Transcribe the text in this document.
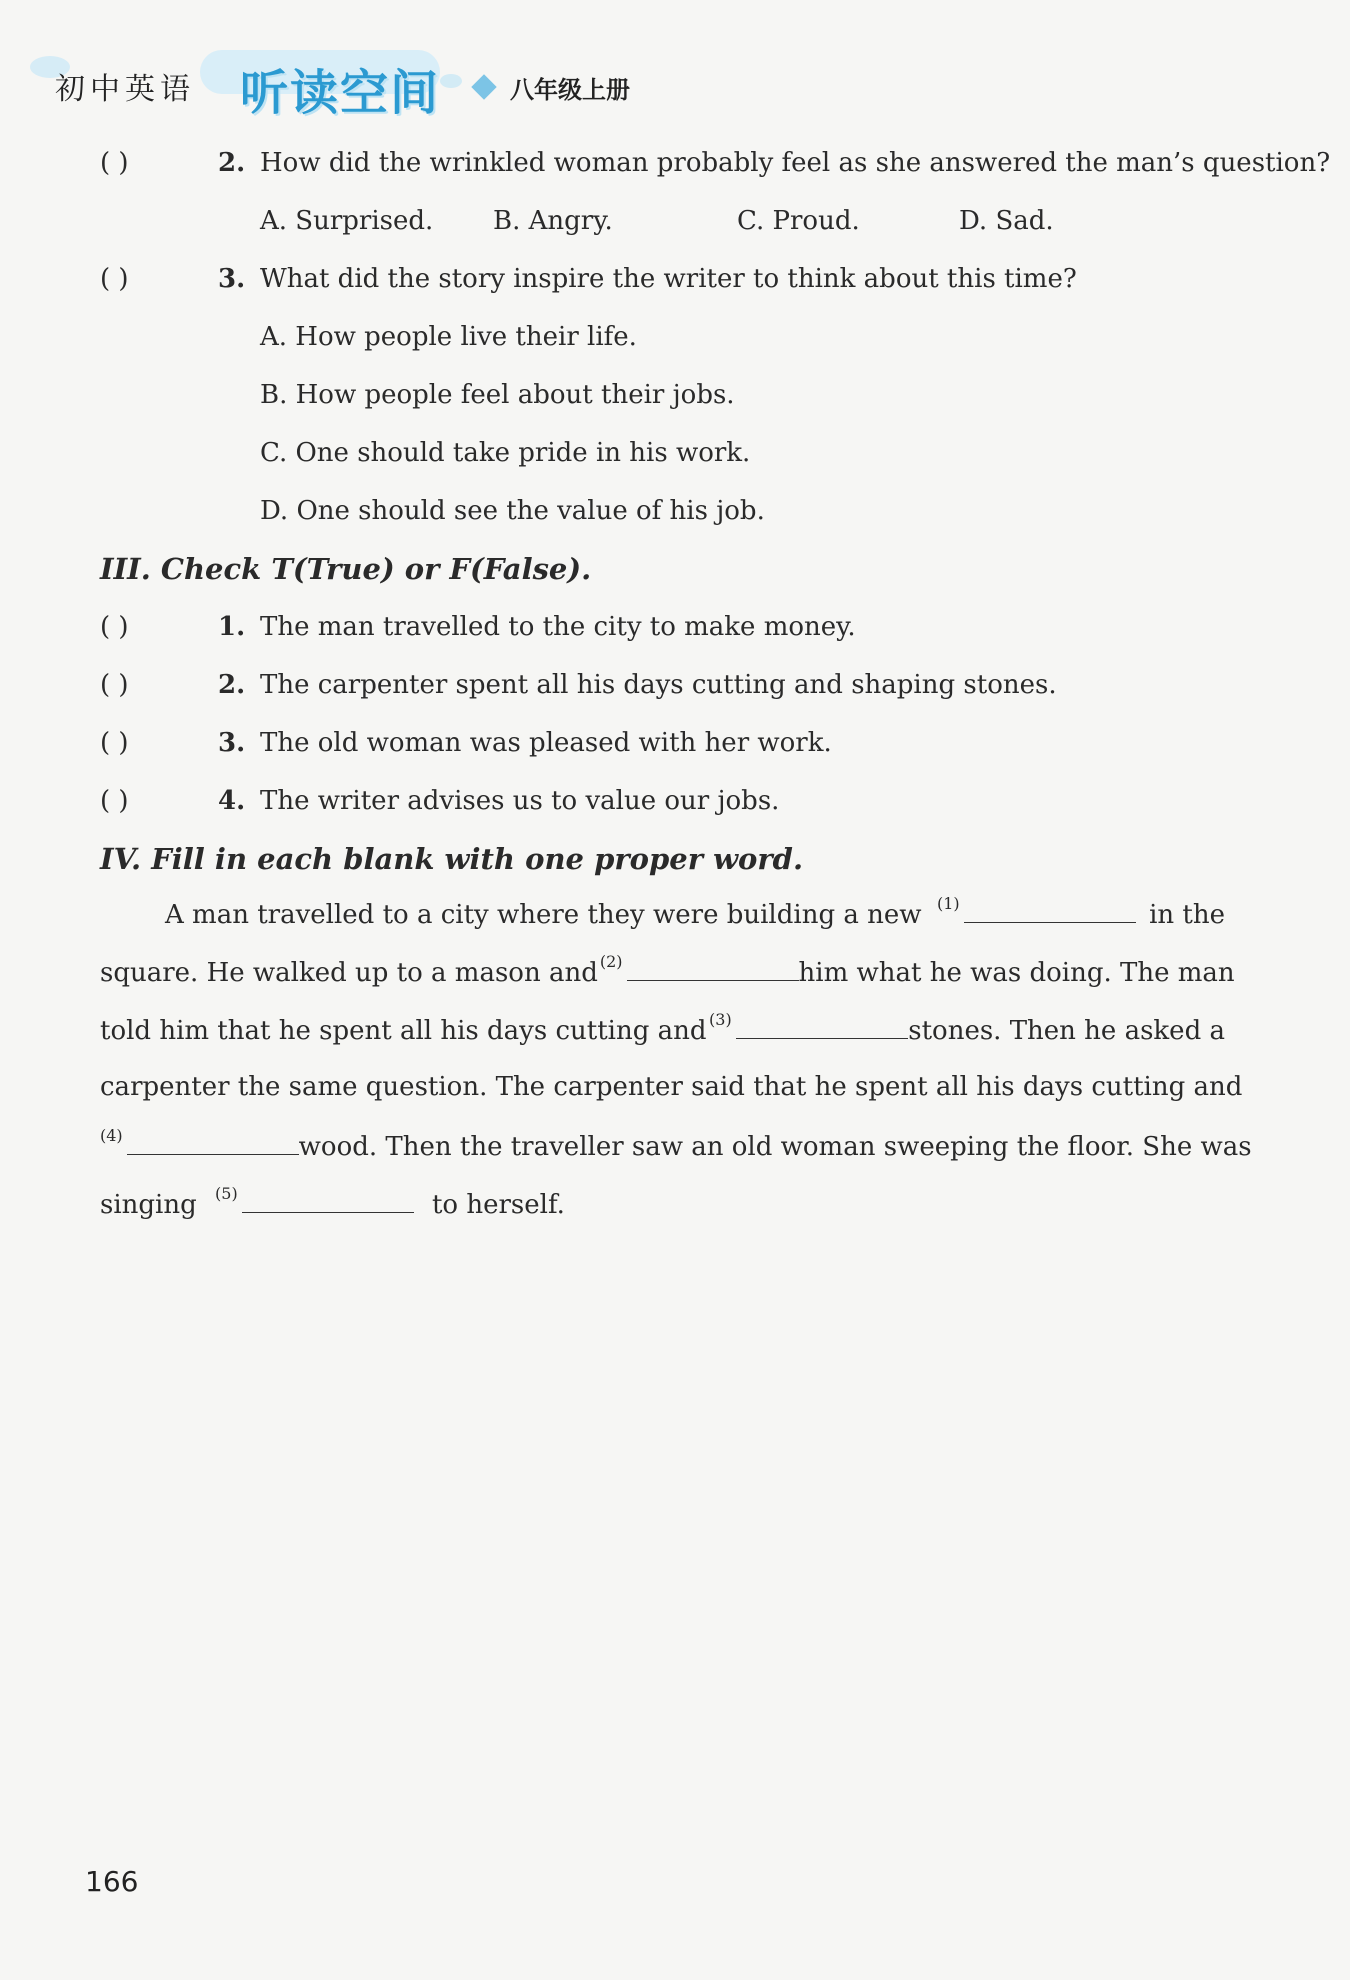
初中英语 听读空间	八年级上册
( )	2. How did the wrinkled woman probably feel as she answered the man’s question?
A. Surprised. B. Angry.	C. Proud.	D. Sad.
( )	3. What did the story inspire the writer to think about this time?
A. How people live their life.
B. How people feel about their jobs.
C. One should take pride in his work.
D. One should see the value of his job.
III. Check T(True) or F(False).
( )	1. The man travelled to the city to make money.
( )	2. The carpenter spent all his days cutting and shaping stones.
( )	3. The old woman was pleased with her work.
( )	4. The writer advises us to value our jobs.
IV. Fill in each blank with one proper word.
A man travelled to a city where they were building a new $^{(1)}$	in the
square. He walked up to a mason and $^{(2)}$	him what he was doing. The man
told him that he spent all his days cutting and $^{(3)}$	stones. Then he asked a
carpenter the same question. The carpenter said that he spent all his days cutting and
$^{(4)}$	wood. Then the traveller saw an old woman sweeping the floor. She was
singing $^{(5)}$	to herself.
166
